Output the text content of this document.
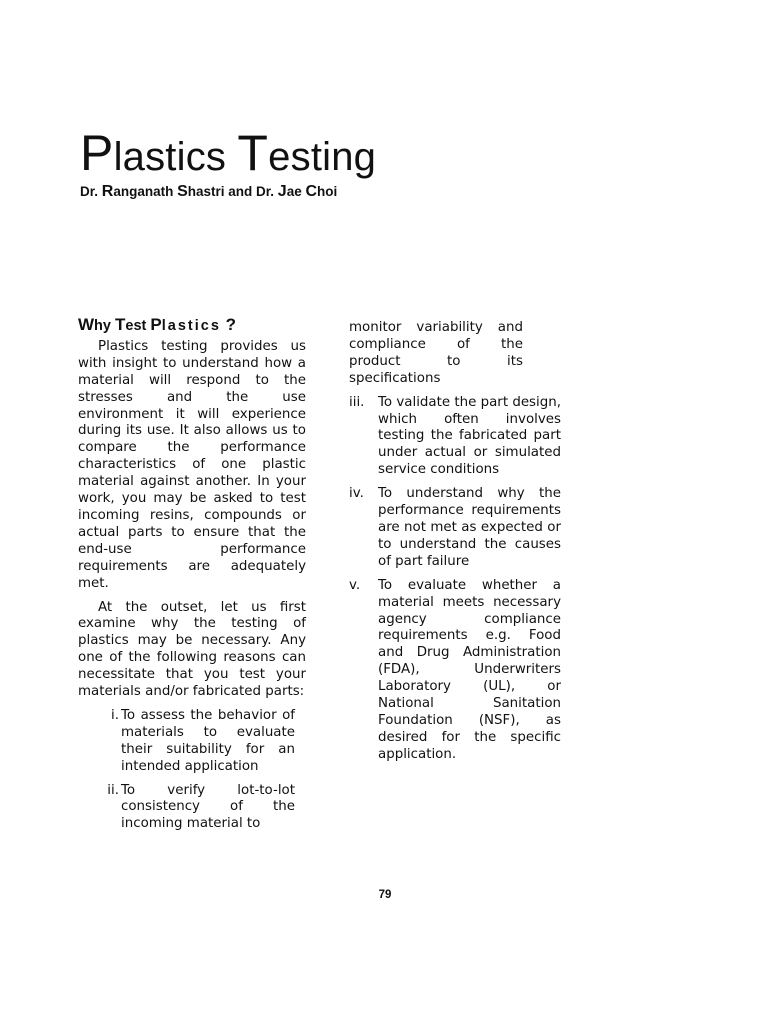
Plastics Testing
Dr. Ranganath Shastri and Dr. Jae Choi
Why Test Plastics ?

Plastics testing provides us with insight to understand how a material will respond to the stresses and the use environment it will experience during its use. It also allows us to compare the performance characteristics of one plastic material against another. In your work, you may be asked to test incoming resins, compounds or actual parts to ensure that the end-use performance requirements are adequately met.

At the outset, let us first examine why the testing of plastics may be necessary. Any one of the following reasons can necessitate that you test your materials and/or fabricated parts:

i. To assess the behavior of materials to evaluate their suitability for an intended application
ii. To verify lot-to-lot consistency of the incoming material to

monitor variability and compliance of the product to its specifications

iii.	To validate the part design, which often involves testing the fabricated part under actual or simulated service conditions
iv.	To understand why the performance requirements are not met as expected or to understand the causes of part failure
v.	To evaluate whether a material meets necessary agency compliance requirements e.g. Food and Drug Administration (FDA), Underwriters Laboratory (UL), or National Sanitation Foundation (NSF), as desired for the specific application.
79
